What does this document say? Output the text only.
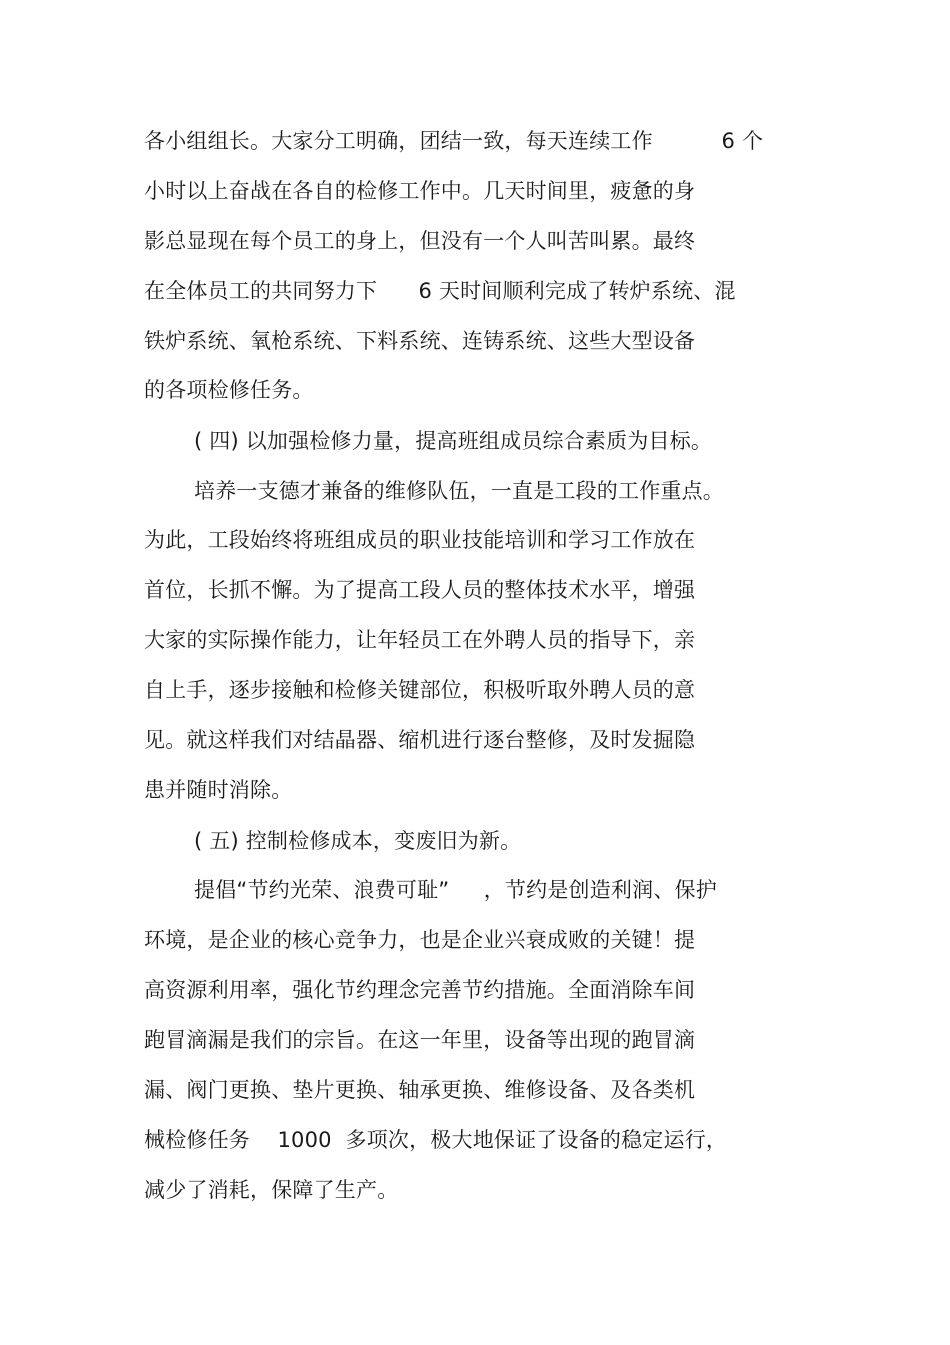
各小组组长。大家分工明确，团结一致，每天连续工作          6 个
小时以上奋战在各自的检修工作中。几天时间里，疲惫的身
影总显现在每个员工的身上，但没有一个人叫苦叫累。最终
在全体员工的共同努力下      6 天时间顺利完成了转炉系统、混
铁炉系统、氧枪系统、下料系统、连铸系统、这些大型设备
的各项检修任务。
( 四) 以加强检修力量，提高班组成员综合素质为目标。
培养一支德才兼备的维修队伍，一直是工段的工作重点。
为此，工段始终将班组成员的职业技能培训和学习工作放在
首位，长抓不懈。为了提高工段人员的整体技术水平，增强
大家的实际操作能力，让年轻员工在外聘人员的指导下，亲
自上手，逐步接触和检修关键部位，积极听取外聘人员的意
见。就这样我们对结晶器、缩机进行逐台整修，及时发掘隐
患并随时消除。
( 五) 控制检修成本，变废旧为新。
提倡“节约光荣、浪费可耻”     ，节约是创造利润、保护
环境，是企业的核心竞争力，也是企业兴衰成败的关键！提
高资源利用率，强化节约理念完善节约措施。全面消除车间
跑冒滴漏是我们的宗旨。在这一年里，设备等出现的跑冒滴
漏、阀门更换、垫片更换、轴承更换、维修设备、及各类机
械检修任务    1000  多项次，极大地保证了设备的稳定运行，
减少了消耗，保障了生产。
